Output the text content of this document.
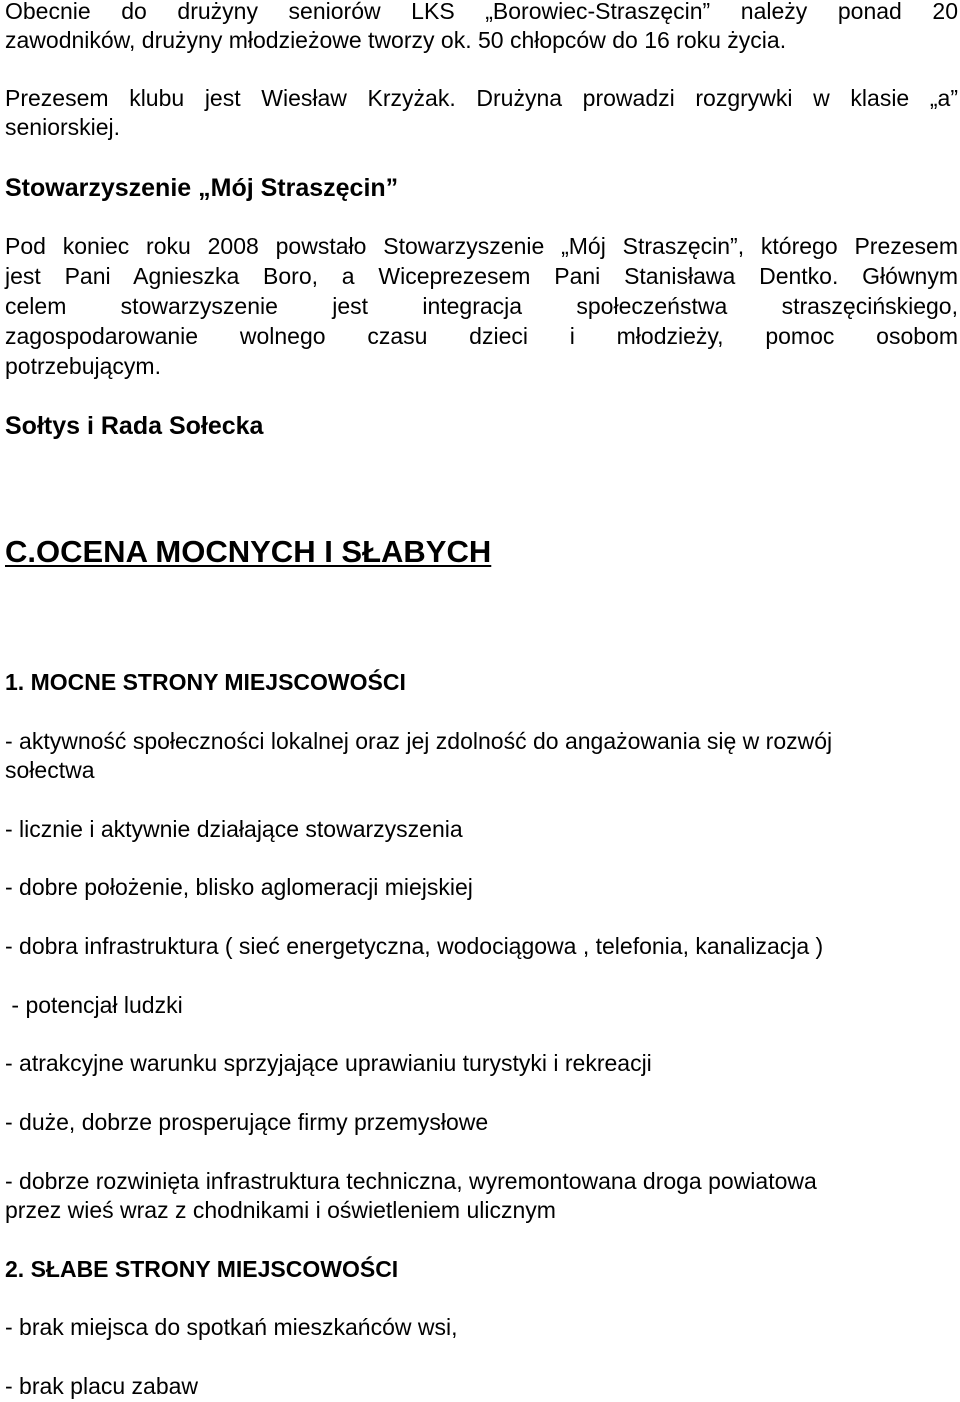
Obecnie do drużyny seniorów LKS „Borowiec-Straszęcin” należy ponad 20

zawodników, drużyny młodzieżowe tworzy ok. 50 chłopców do 16 roku życia.

Prezesem klubu jest Wiesław Krzyżak. Drużyna prowadzi rozgrywki w klasie „a”

seniorskiej.

Stowarzyszenie „Mój Straszęcin”

Pod koniec roku 2008 powstało Stowarzyszenie „Mój Straszęcin”, którego Prezesem

jest Pani Agnieszka Boro, a Wiceprezesem Pani Stanisława Dentko. Głównym

celem stowarzyszenie jest integracja społeczeństwa straszęcińskiego,

zagospodarowanie wolnego czasu dzieci i młodzieży, pomoc osobom

potrzebującym.

Sołtys i Rada Sołecka
C.OCENA MOCNYCH I SŁABYCH
1. MOCNE STRONY MIEJSCOWOŚCI

- aktywność społeczności lokalnej oraz jej zdolność do angażowania się w rozwój

sołectwa

- licznie i aktywnie działające stowarzyszenia

- dobre położenie, blisko aglomeracji miejskiej

- dobra infrastruktura ( sieć energetyczna, wodociągowa , telefonia, kanalizacja )

- potencjał ludzki

- atrakcyjne warunku sprzyjające uprawianiu turystyki i rekreacji

- duże, dobrze prosperujące firmy przemysłowe

- dobrze rozwinięta infrastruktura techniczna, wyremontowana droga powiatowa

przez wieś wraz z chodnikami i oświetleniem ulicznym

2. SŁABE STRONY MIEJSCOWOŚCI

- brak miejsca do spotkań mieszkańców wsi,

- brak placu zabaw
